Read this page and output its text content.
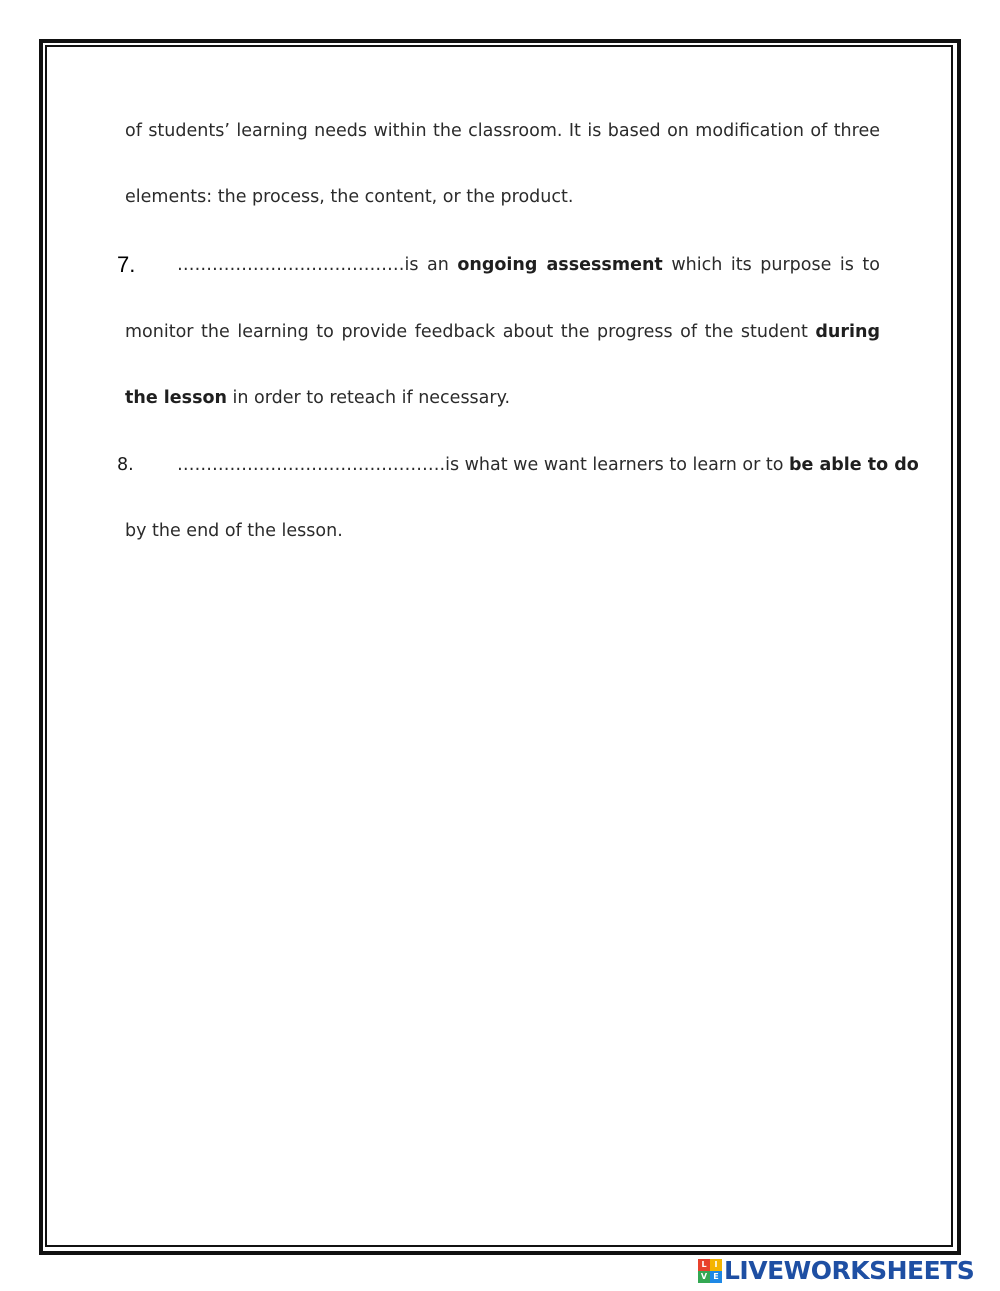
of students’ learning needs within the classroom. It is based on modification of three
elements: the process, the content, or the product.
7. …………………………………is an ongoing assessment which its purpose is to
monitor the learning to provide feedback about the progress of the student during
the lesson in order to reteach if necessary.
8. ……………………………………….is what we want learners to learn or to be able to do
by the end of the lesson.
L I
V E LIVEWORKSHEETS
